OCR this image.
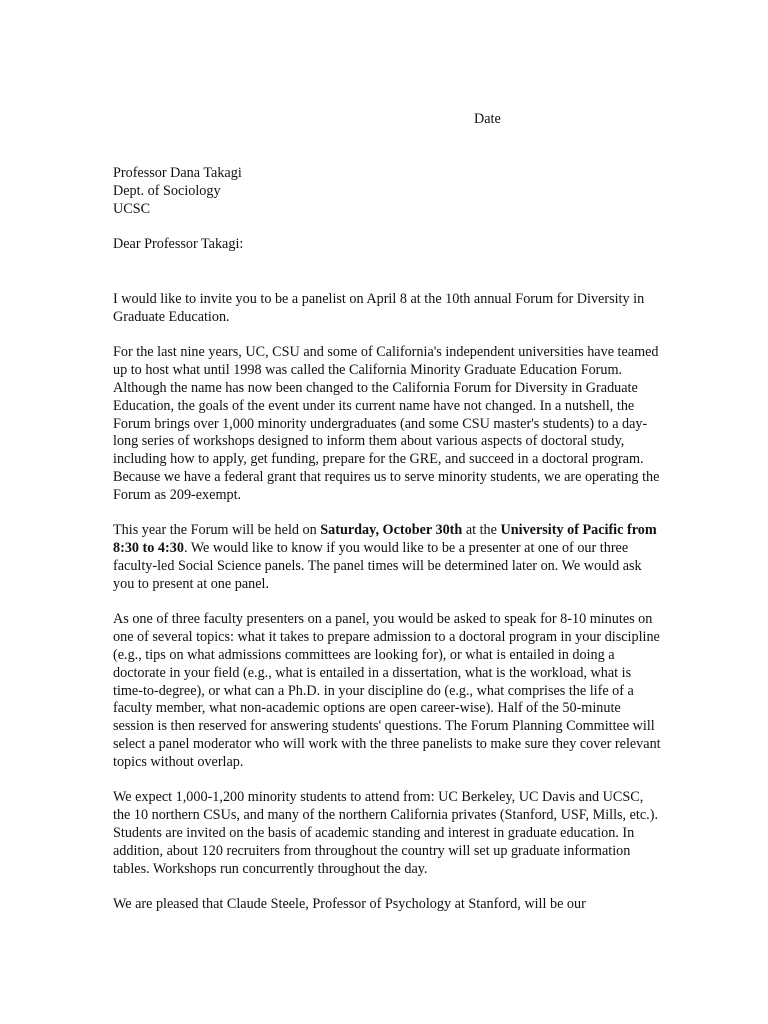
Date
Professor Dana Takagi
Dept. of Sociology
UCSC
Dear Professor Takagi:

I would like to invite you to be a panelist on April 8 at the 10th annual Forum for Diversity in Graduate Education.

For the last nine years, UC, CSU and some of California's independent universities have teamed up to host what until 1998 was called the California Minority Graduate Education Forum. Although the name has now been changed to the California Forum for Diversity in Graduate Education, the goals of the event under its current name have not changed. In a nutshell, the Forum brings over 1,000 minority undergraduates (and some CSU master's students) to a day-long series of workshops designed to inform them about various aspects of doctoral study, including how to apply, get funding, prepare for the GRE, and succeed in a doctoral program. Because we have a federal grant that requires us to serve minority students, we are operating the Forum as 209-exempt.

This year the Forum will be held on Saturday, October 30th at the University of Pacific from 8:30 to 4:30. We would like to know if you would like to be a presenter at one of our three faculty-led Social Science panels. The panel times will be determined later on. We would ask you to present at one panel.

As one of three faculty presenters on a panel, you would be asked to speak for 8-10 minutes on one of several topics: what it takes to prepare admission to a doctoral program in your discipline (e.g., tips on what admissions committees are looking for), or what is entailed in doing a doctorate in your field (e.g., what is entailed in a dissertation, what is the workload, what is time-to-degree), or what can a Ph.D. in your discipline do (e.g., what comprises the life of a faculty member, what non-academic options are open career-wise). Half of the 50-minute session is then reserved for answering students' questions. The Forum Planning Committee will select a panel moderator who will work with the three panelists to make sure they cover relevant topics without overlap.

We expect 1,000-1,200 minority students to attend from: UC Berkeley, UC Davis and UCSC, the 10 northern CSUs, and many of the northern California privates (Stanford, USF, Mills, etc.). Students are invited on the basis of academic standing and interest in graduate education. In addition, about 120 recruiters from throughout the country will set up graduate information tables. Workshops run concurrently throughout the day.

We are pleased that Claude Steele, Professor of Psychology at Stanford, will be our
